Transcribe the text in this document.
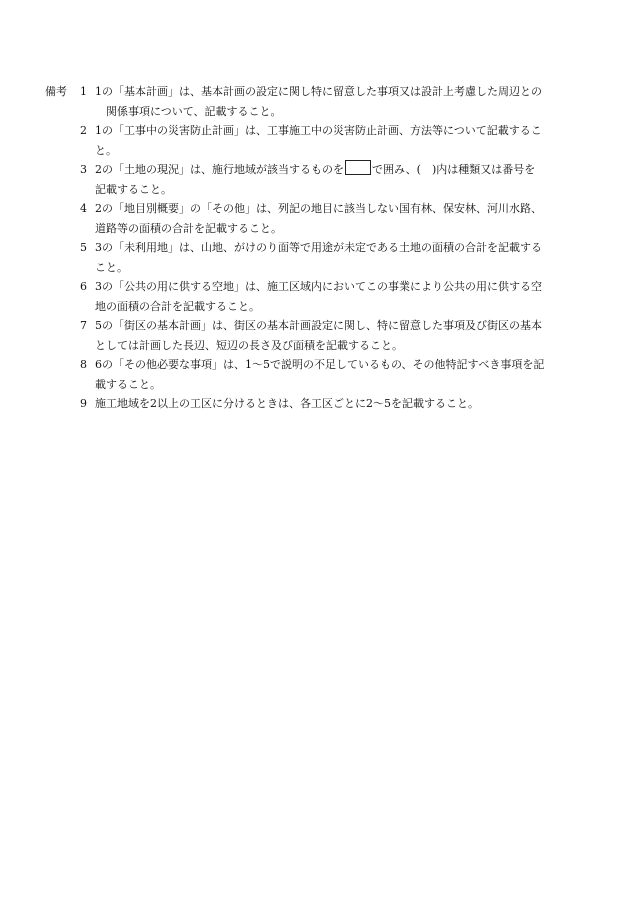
備考	1 1の「基本計画」は、基本計画の設定に関し特に留意した事項又は設計上考慮した周辺との
関係事項について、記載すること。
2 1の「工事中の災害防止計画」は、工事施工中の災害防止計画、方法等について記載するこ
と。
3 2の「土地の現況」は、施行地域が該当するものを	で囲み、(　)内は種類又は番号を
記載すること。
4 2の「地目別概要」の「その他」は、列記の地目に該当しない国有林、保安林、河川水路、
道路等の面積の合計を記載すること。
5 3の「未利用地」は、山地、がけのり面等で用途が未定である土地の面積の合計を記載する
こと。
6 3の「公共の用に供する空地」は、施工区域内においてこの事業により公共の用に供する空
地の面積の合計を記載すること。
7 5の「街区の基本計画」は、街区の基本計画設定に関し、特に留意した事項及び街区の基本
としては計画した長辺、短辺の長さ及び面積を記載すること。
8 6の「その他必要な事項」は、1〜5で説明の不足しているもの、その他特記すべき事項を記
載すること。
9 施工地域を2以上の工区に分けるときは、各工区ごとに2〜5を記載すること。
